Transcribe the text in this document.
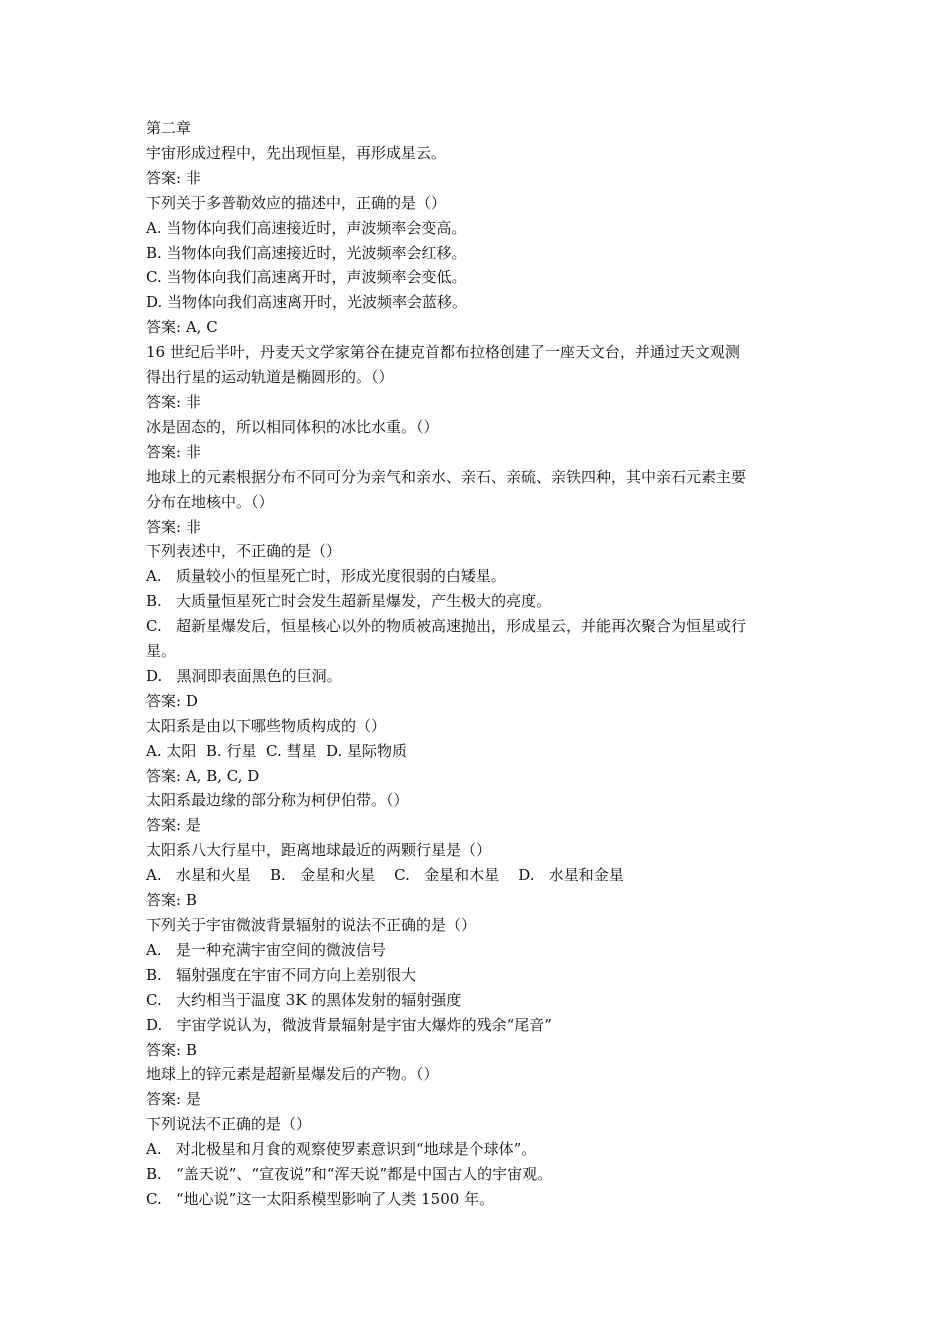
第二章
宇宙形成过程中，先出现恒星，再形成星云。
答案: 非
下列关于多普勒效应的描述中，正确的是（）
A. 当物体向我们高速接近时，声波频率会变高。
B. 当物体向我们高速接近时，光波频率会红移。
C. 当物体向我们高速离开时，声波频率会变低。
D. 当物体向我们高速离开时，光波频率会蓝移。
答案: A, C
16 世纪后半叶，丹麦天文学家第谷在捷克首都布拉格创建了一座天文台，并通过天文观测
得出行星的运动轨道是椭圆形的。（）
答案: 非
冰是固态的，所以相同体积的冰比水重。（）
答案: 非
地球上的元素根据分布不同可分为亲气和亲水、亲石、亲硫、亲铁四种，其中亲石元素主要
分布在地核中。（）
答案: 非
下列表述中，不正确的是（）
A.   质量较小的恒星死亡时，形成光度很弱的白矮星。
B.   大质量恒星死亡时会发生超新星爆发，产生极大的亮度。
C.   超新星爆发后，恒星核心以外的物质被高速抛出，形成星云，并能再次聚合为恒星或行
星。
D.   黑洞即表面黑色的巨洞。
答案: D
太阳系是由以下哪些物质构成的（）
A. 太阳  B. 行星  C. 彗星  D. 星际物质
答案: A, B, C, D
太阳系最边缘的部分称为柯伊伯带。（）
答案: 是
太阳系八大行星中，距离地球最近的两颗行星是（）
A.   水星和火星    B.   金星和火星    C.   金星和木星    D.   水星和金星
答案: B
下列关于宇宙微波背景辐射的说法不正确的是（）
A.   是一种充满宇宙空间的微波信号
B.   辐射强度在宇宙不同方向上差别很大
C.   大约相当于温度 3K 的黑体发射的辐射强度
D.   宇宙学说认为，微波背景辐射是宇宙大爆炸的残余“尾音”
答案: B
地球上的锌元素是超新星爆发后的产物。（）
答案: 是
下列说法不正确的是（）
A.   对北极星和月食的观察使罗素意识到“地球是个球体”。
B.   “盖天说”、“宣夜说”和“浑天说”都是中国古人的宇宙观。
C.   “地心说”这一太阳系模型影响了人类 1500 年。
